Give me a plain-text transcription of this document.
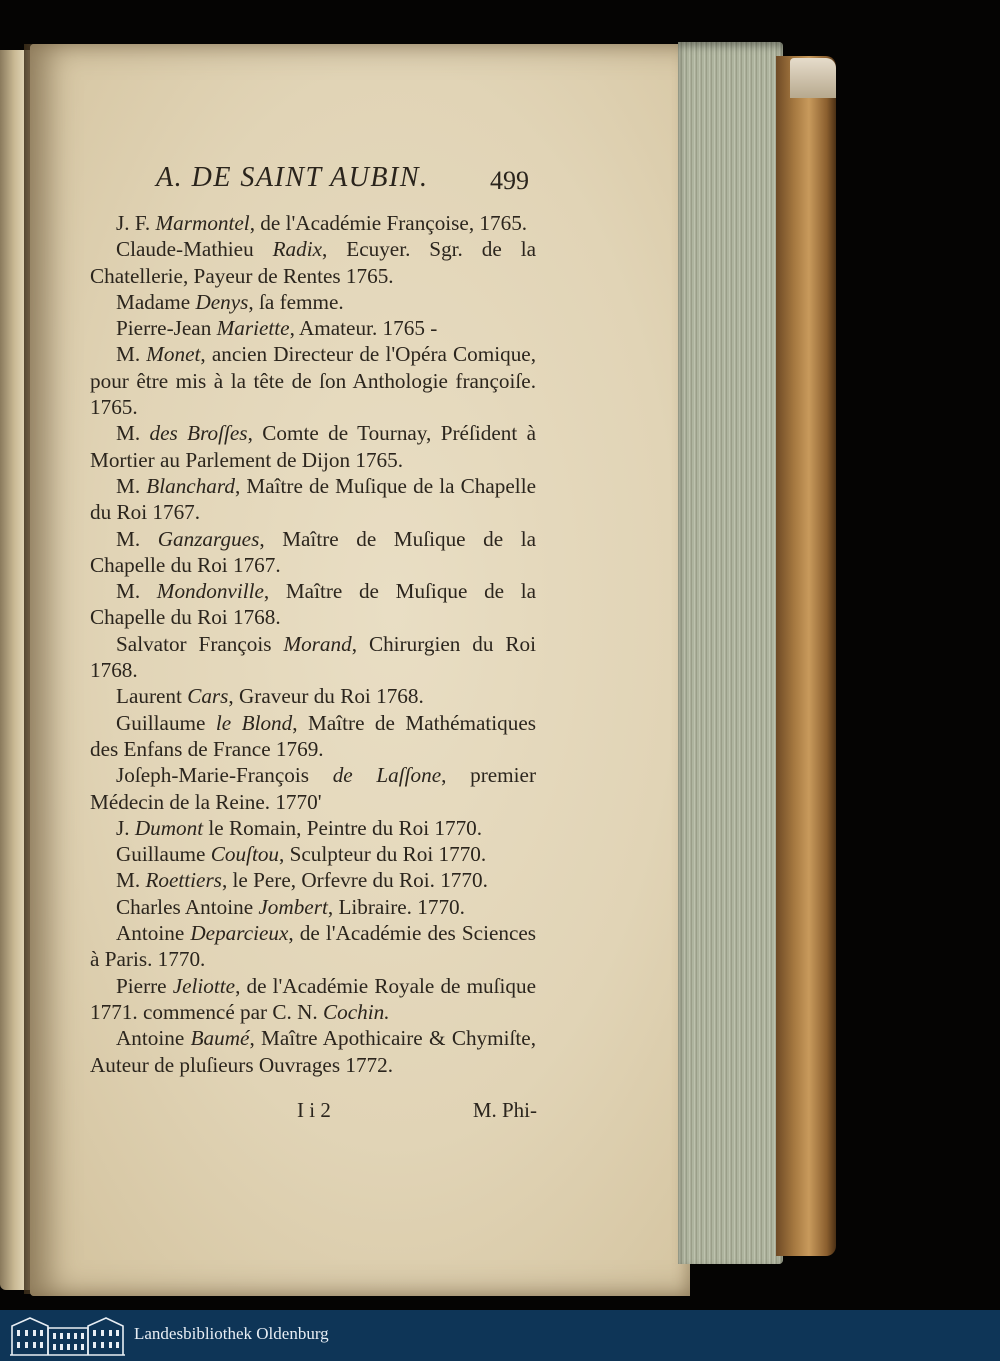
A. DE SAINT AUBIN. 499

J. F. Marmontel, de l'Académie Françoise, 1765.

Claude-Mathieu Radix, Ecuyer. Sgr. de la Chatellerie, Payeur de Rentes 1765.

Madame Denys, ſa femme.

Pierre-Jean Mariette, Amateur. 1765 -

M. Monet, ancien Directeur de l'Opéra Comique, pour être mis à la tête de ſon Anthologie françoiſe. 1765.

M. des Broſſes, Comte de Tournay, Préſident à Mortier au Parlement de Dijon 1765.

M. Blanchard, Maître de Muſique de la Chapelle du Roi 1767.

M. Ganzargues, Maître de Muſique de la Chapelle du Roi 1767.

M. Mondonville, Maître de Muſique de la Chapelle du Roi 1768.

Salvator François Morand, Chirurgien du Roi 1768.

Laurent Cars, Graveur du Roi 1768.

Guillaume le Blond, Maître de Mathématiques des Enfans de France 1769.

Joſeph-Marie-François de Laſſone, premier Médecin de la Reine. 1770'

J. Dumont le Romain, Peintre du Roi 1770.

Guillaume Couſtou, Sculpteur du Roi 1770.

M. Roettiers, le Pere, Orfevre du Roi. 1770.

Charles Antoine Jombert, Libraire. 1770.

Antoine Deparcieux, de l'Académie des Sciences à Paris. 1770.

Pierre Jeliotte, de l'Académie Royale de muſique 1771. commencé par C. N. Cochin.

Antoine Baumé, Maître Apothicaire & Chymiſte, Auteur de pluſieurs Ouvrages 1772.

I i 2	M. Phi-
Landesbibliothek Oldenburg
